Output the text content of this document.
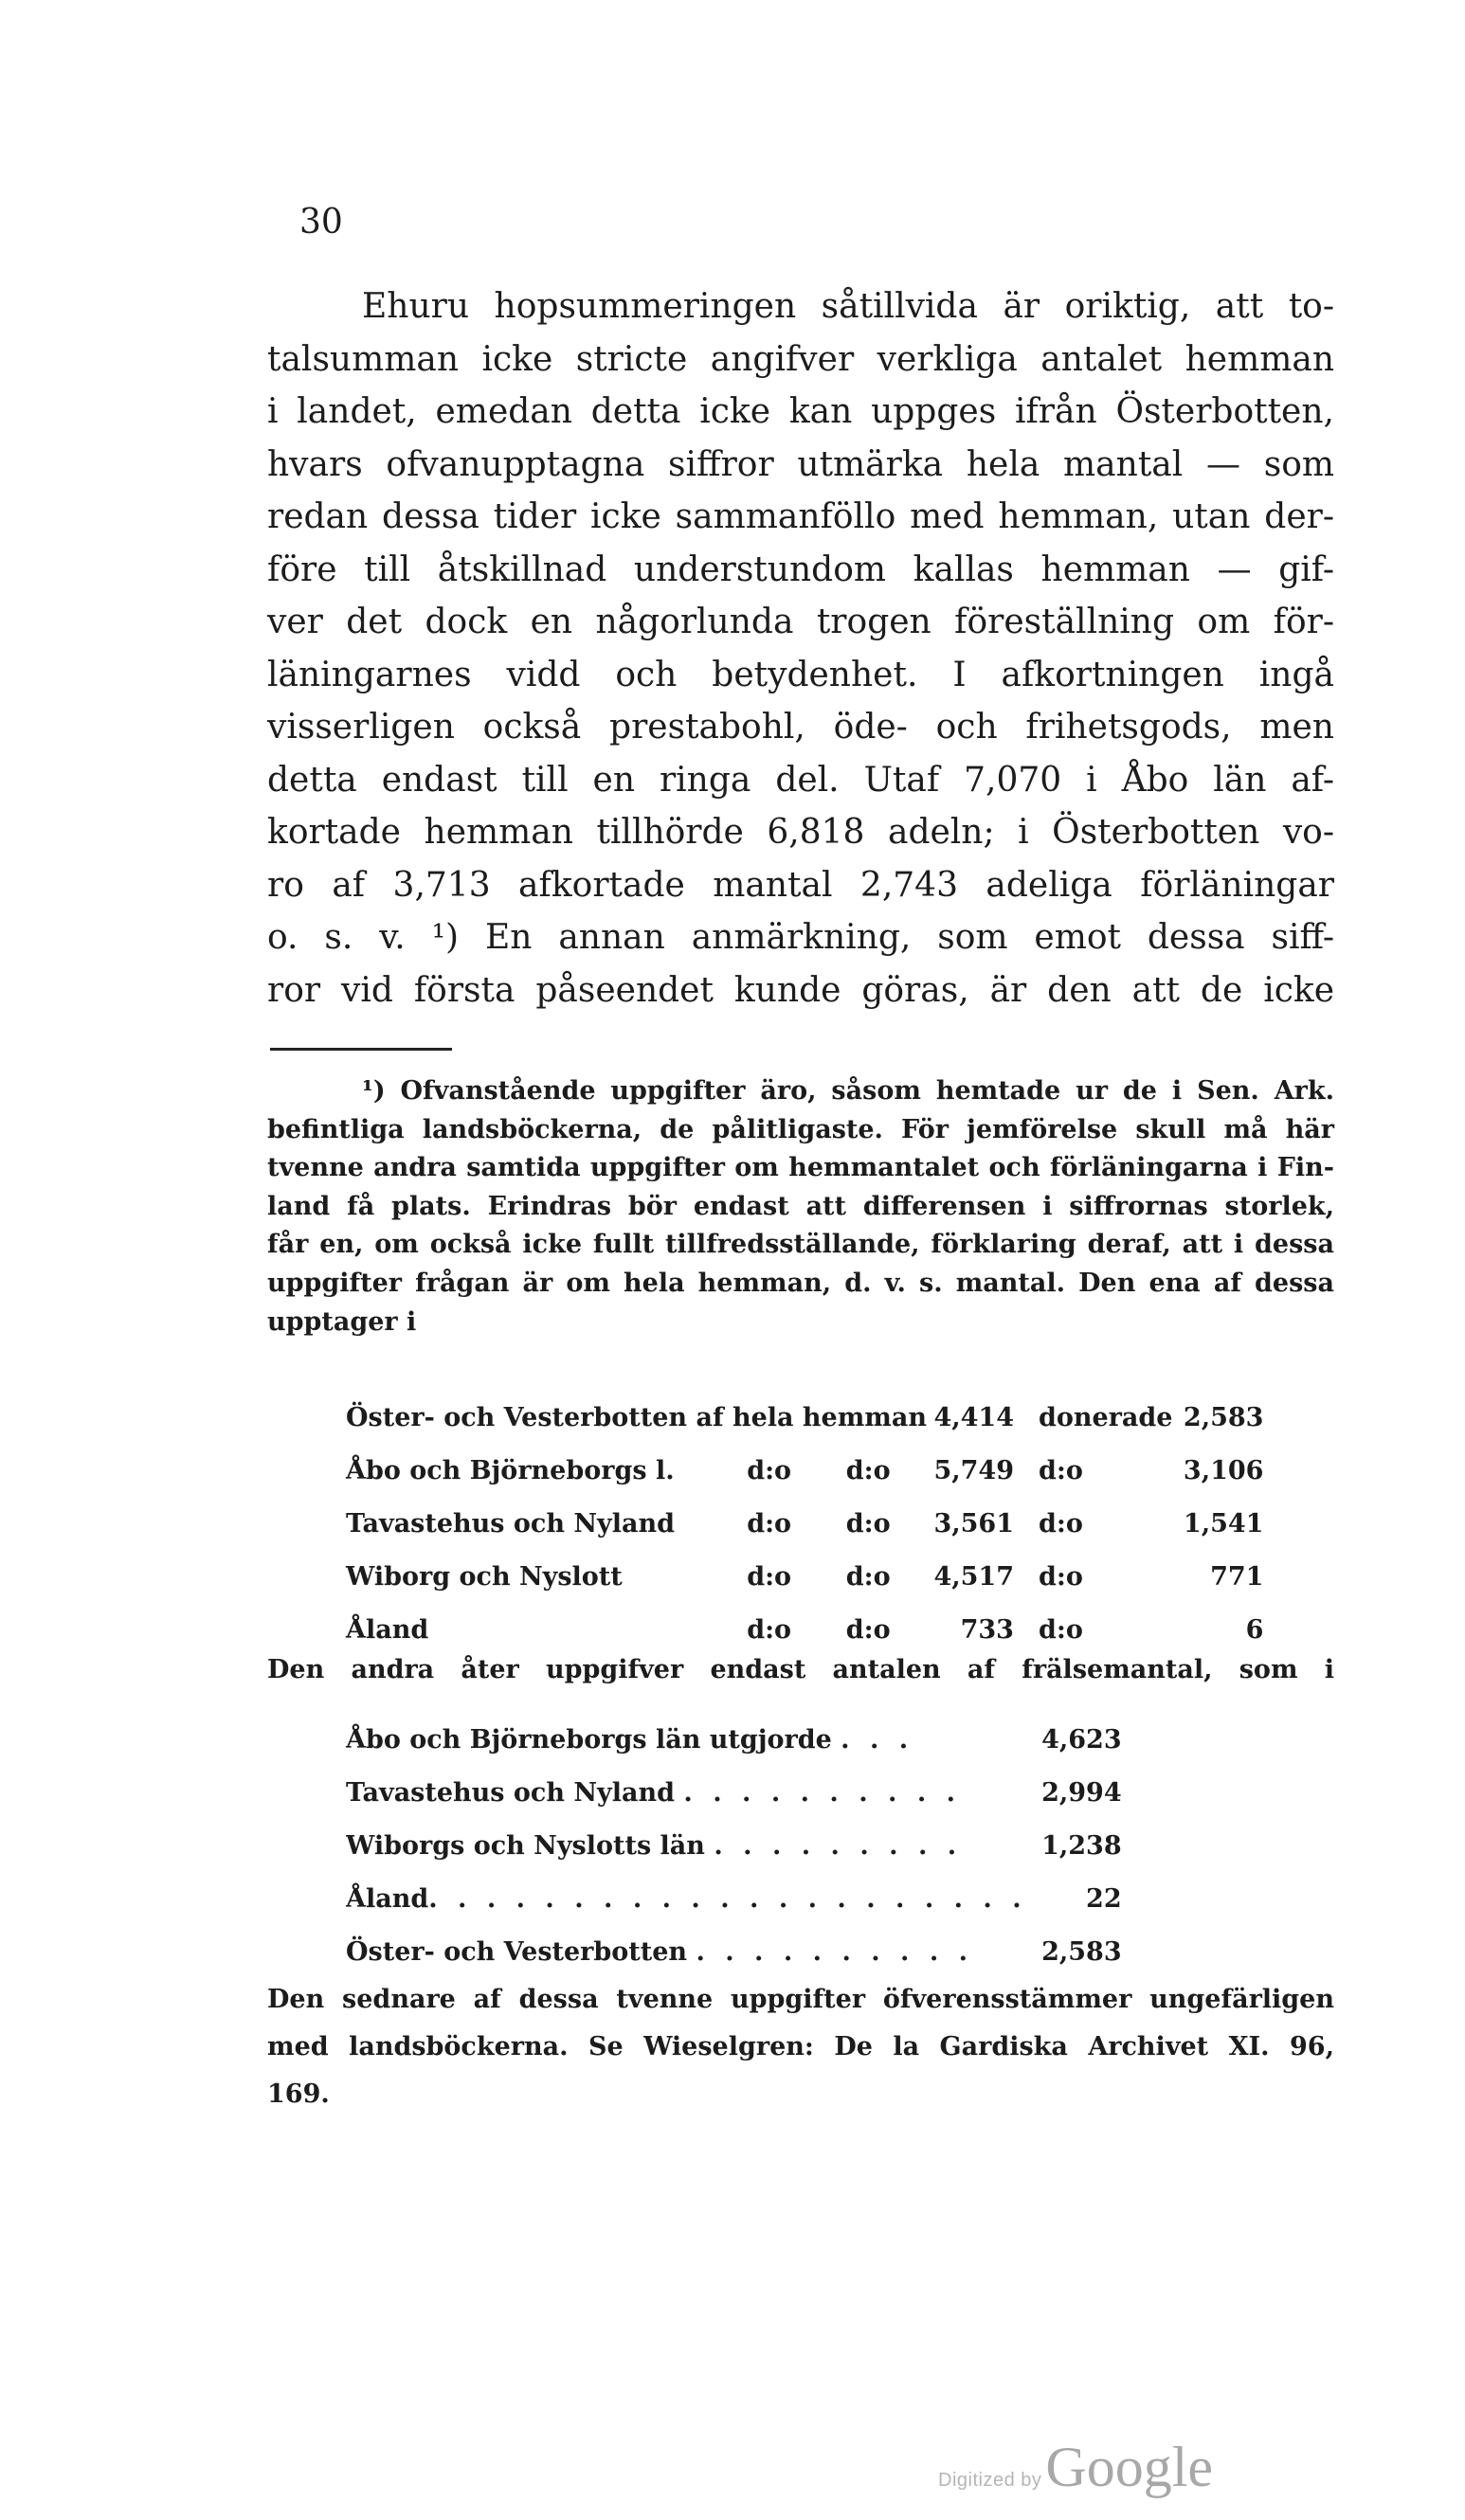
30
Ehuru hopsummeringen såtillvida är oriktig, att to-
talsumman icke stricte angifver verkliga antalet hemman
i landet, emedan detta icke kan uppges ifrån Österbotten,
hvars ofvanupptagna siffror utmärka hela mantal — som
redan dessa tider icke sammanföllo med hemman, utan der-
före till åtskillnad understundom kallas hemman — gif-
ver det dock en någorlunda trogen föreställning om för-
läningarnes vidd och betydenhet. I afkortningen ingå
visserligen också prestabohl, öde- och frihetsgods, men
detta endast till en ringa del. Utaf 7,070 i Åbo län af-
kortade hemman tillhörde 6,818 adeln; i Österbotten vo-
ro af 3,713 afkortade mantal 2,743 adeliga förläningar
o. s. v. ¹) En annan anmärkning, som emot dessa siff-
ror vid första påseendet kunde göras, är den att de icke
¹) Ofvanstående uppgifter äro, såsom hemtade ur de i Sen. Ark.
befintliga landsböckerna, de pålitligaste. För jemförelse skull må här
tvenne andra samtida uppgifter om hemmantalet och förläningarna i Fin-
land få plats. Erindras bör endast att differensen i siffrornas storlek,
får en, om också icke fullt tillfredsställande, förklaring deraf, att i dessa
uppgifter frågan är om hela hemman, d. v. s. mantal. Den ena af dessa
upptager i
Öster- och Vesterbotten af hela hemman			4,414	donerade	2,583
Åbo och Björneborgs l.	d:o	d:o	5,749	d:o	3,106
Tavastehus och Nyland	d:o	d:o	3,561	d:o	1,541
Wiborg och Nyslott	d:o	d:o	4,517	d:o	771
Åland	d:o	d:o	733	d:o	6
Den andra åter uppgifver endast antalen af frälsemantal, som i
Åbo och Björneborgs län utgjorde . . .	4,623
Tavastehus och Nyland . . . . . . . . . .	2,994
Wiborgs och Nyslotts län . . . . . . . . .	1,238
Åland. . . . . . . . . . . . . . . . . . . . .	22
Öster- och Vesterbotten . . . . . . . . . .	2,583
Den sednare af dessa tvenne uppgifter öfverensstämmer ungefärligen
med landsböckerna. Se Wieselgren: De la Gardiska Archivet XI. 96,
169.
Digitized byGoogle
